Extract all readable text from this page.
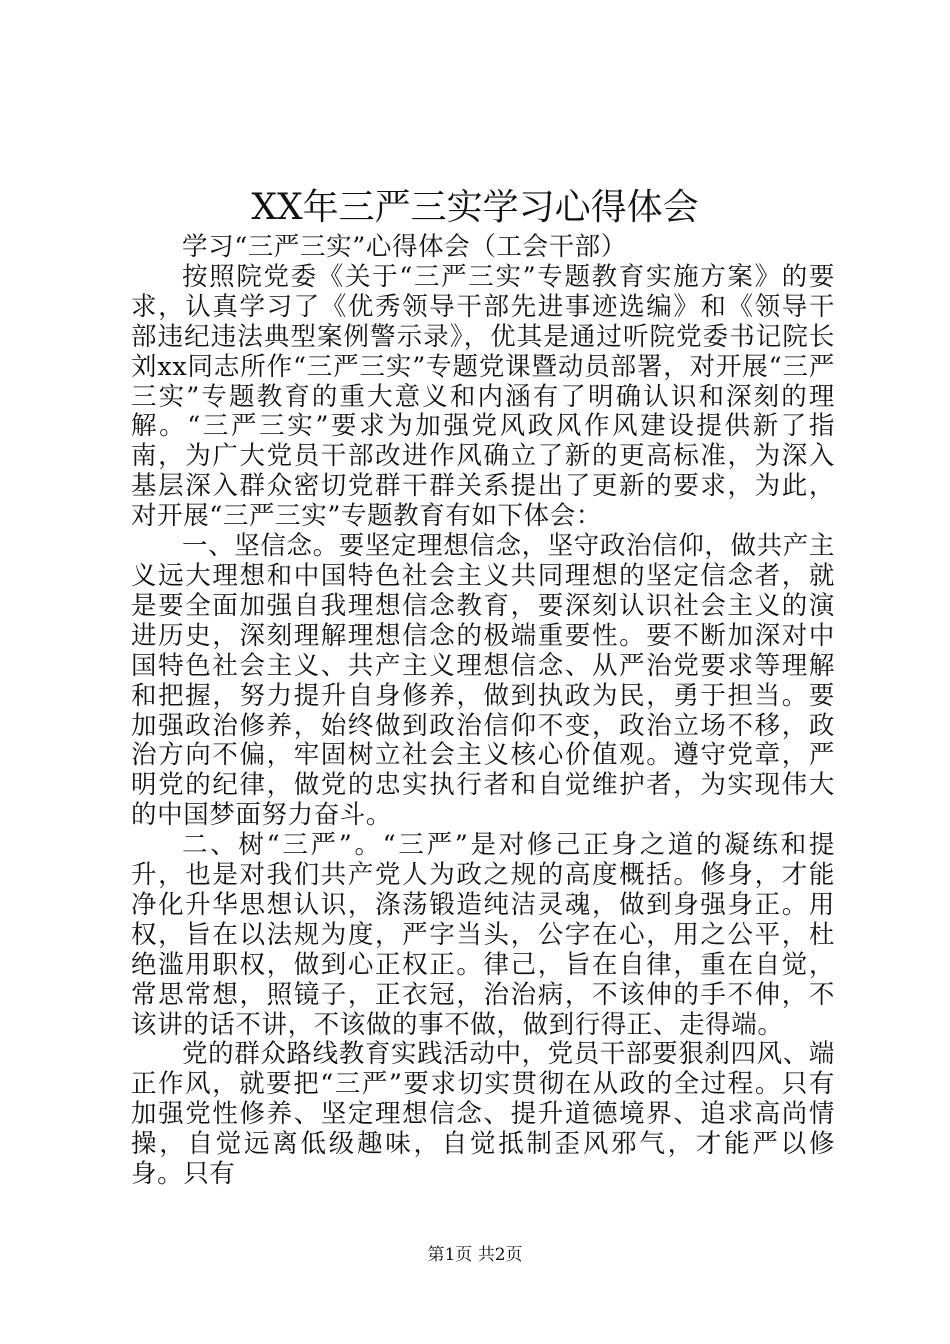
XX年三严三实学习心得体会

学习“三严三实”心得体会（工会干部）

按照院党委《关于“三严三实”专题教育实施方案》的要求，认真学习了《优秀领导干部先进事迹选编》和《领导干部违纪违法典型案例警示录》，优其是通过听院党委书记院长刘xx同志所作“三严三实”专题党课暨动员部署，对开展“三严三实”专题教育的重大意义和内涵有了明确认识和深刻的理解。“三严三实”要求为加强党风政风作风建设提供新了指南，为广大党员干部改进作风确立了新的更高标准，为深入基层深入群众密切党群干群关系提出了更新的要求，为此，对开展“三严三实”专题教育有如下体会：

一、坚信念。要坚定理想信念，坚守政治信仰，做共产主义远大理想和中国特色社会主义共同理想的坚定信念者，就是要全面加强自我理想信念教育，要深刻认识社会主义的演进历史，深刻理解理想信念的极端重要性。要不断加深对中国特色社会主义、共产主义理想信念、从严治党要求等理解和把握，努力提升自身修养，做到执政为民，勇于担当。要加强政治修养，始终做到政治信仰不变，政治立场不移，政治方向不偏，牢固树立社会主义核心价值观。遵守党章，严明党的纪律，做党的忠实执行者和自觉维护者，为实现伟大的中国梦面努力奋斗。

二、树“三严”。“三严”是对修己正身之道的凝练和提升，也是对我们共产党人为政之规的高度概括。修身，才能净化升华思想认识，涤荡锻造纯洁灵魂，做到身强身正。用权，旨在以法规为度，严字当头，公字在心，用之公平，杜绝滥用职权，做到心正权正。律己，旨在自律，重在自觉，常思常想，照镜子，正衣冠，治治病，不该伸的手不伸，不该讲的话不讲，不该做的事不做，做到行得正、走得端。

党的群众路线教育实践活动中，党员干部要狠刹四风、端正作风，就要把“三严”要求切实贯彻在从政的全过程。只有加强党性修养、坚定理想信念、提升道德境界、追求高尚情操，自觉远离低级趣味，自觉抵制歪风邪气，才能严以修身。只有

第1页 共2页
